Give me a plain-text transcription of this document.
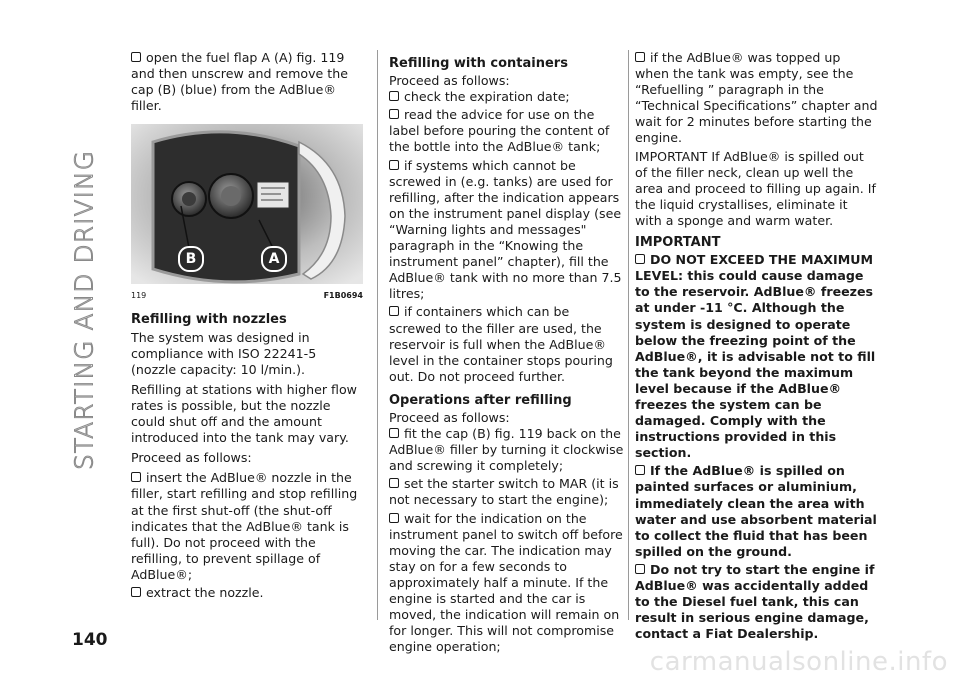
STARTING AND DRIVING
open the fuel flap A (A) fig. 119 and then unscrew and remove the cap (B) (blue) from the AdBlue® filler.
B	A
119	F1B0694
Refilling with nozzles

The system was designed in compliance with ISO 22241-5 (nozzle capacity: 10 l/min.).

Refilling at stations with higher flow rates is possible, but the nozzle could shut off and the amount introduced into the tank may vary.

Proceed as follows:

insert the AdBlue® nozzle in the filler, start refilling and stop refilling at the first shut-off (the shut-off indicates that the AdBlue® tank is full). Do not proceed with the refilling, to prevent spillage of AdBlue®;
extract the nozzle.
Refilling with containers

Proceed as follows:

check the expiration date;
read the advice for use on the label before pouring the content of the bottle into the AdBlue® tank;
if systems which cannot be screwed in (e.g. tanks) are used for refilling, after the indication appears on the instrument panel display (see “Warning lights and messages" paragraph in the “Knowing the instrument panel” chapter), fill the AdBlue® tank with no more than 7.5 litres;
if containers which can be screwed to the filler are used, the reservoir is full when the AdBlue® level in the container stops pouring out. Do not proceed further.
Operations after refilling

Proceed as follows:

fit the cap (B) fig. 119 back on the AdBlue® filler by turning it clockwise and screwing it completely;
set the starter switch to MAR (it is not necessary to start the engine);
wait for the indication on the instrument panel to switch off before moving the car. The indication may stay on for a few seconds to approximately half a minute. If the engine is started and the car is moved, the indication will remain on for longer. This will not compromise engine operation;
if the AdBlue® was topped up when the tank was empty, see the “Refuelling ” paragraph in the “Technical Specifications” chapter and wait for 2 minutes before starting the engine.

IMPORTANT If AdBlue® is spilled out of the filler neck, clean up well the area and proceed to filling up again. If the liquid crystallises, eliminate it with a sponge and warm water.

IMPORTANT
DO NOT EXCEED THE MAXIMUM LEVEL: this could cause damage to the reservoir. AdBlue® freezes at under -11 °C. Although the system is designed to operate below the freezing point of the AdBlue®, it is advisable not to fill the tank beyond the maximum level because if the AdBlue® freezes the system can be damaged. Comply with the instructions provided in this section.
If the AdBlue® is spilled on painted surfaces or aluminium, immediately clean the area with water and use absorbent material to collect the fluid that has been spilled on the ground.
Do not try to start the engine if AdBlue® was accidentally added to the Diesel fuel tank, this can result in serious engine damage, contact a Fiat Dealership.
140
carmanualsonline.info
